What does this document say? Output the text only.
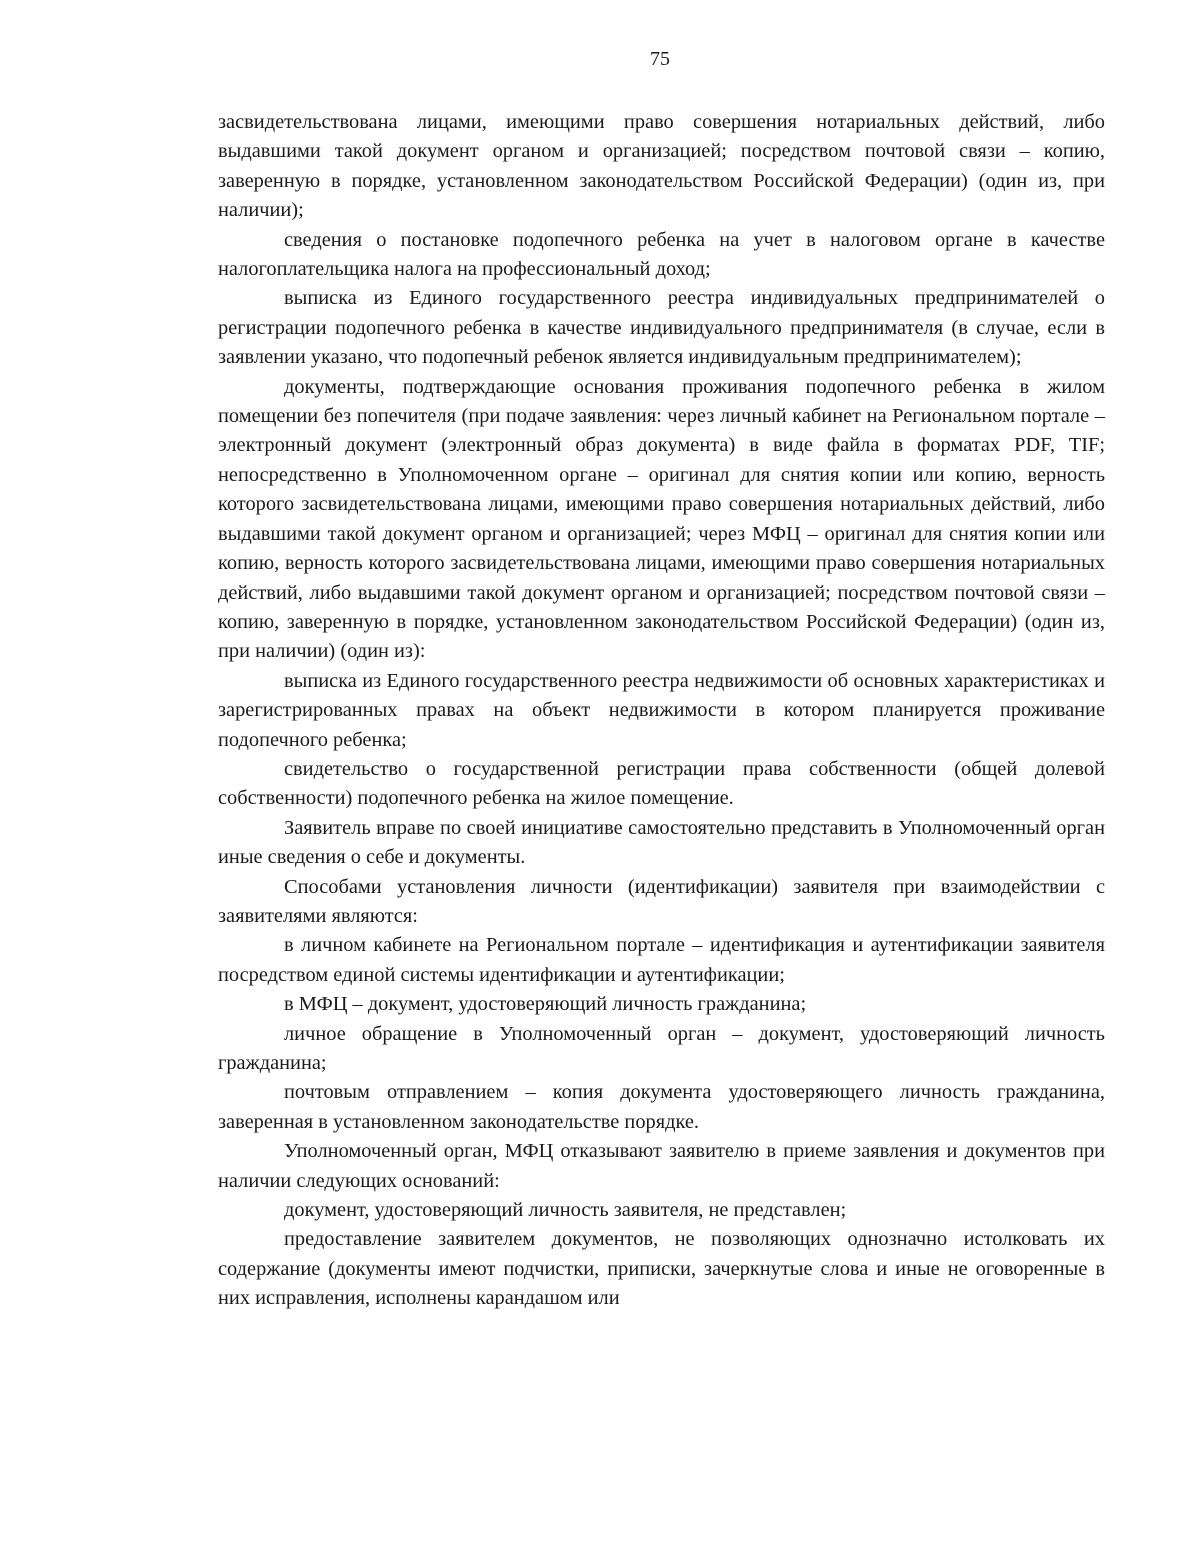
75

засвидетельствована лицами, имеющими право совершения нотариальных действий, либо выдавшими такой документ органом и организацией; посредством почтовой связи – копию, заверенную в порядке, установленном законодательством Российской Федерации) (один из, при наличии);

сведения о постановке подопечного ребенка на учет в налоговом органе в качестве налогоплательщика налога на профессиональный доход;

выписка из Единого государственного реестра индивидуальных предпринимателей о регистрации подопечного ребенка в качестве индивидуального предпринимателя (в случае, если в заявлении указано, что подопечный ребенок является индивидуальным предпринимателем);

документы, подтверждающие основания проживания подопечного ребенка в жилом помещении без попечителя (при подаче заявления: через личный кабинет на Региональном портале – электронный документ (электронный образ документа) в виде файла в форматах PDF, TIF; непосредственно в Уполномоченном органе – оригинал для снятия копии или копию, верность которого засвидетельствована лицами, имеющими право совершения нотариальных действий, либо выдавшими такой документ органом и организацией; через МФЦ – оригинал для снятия копии или копию, верность которого засвидетельствована лицами, имеющими право совершения нотариальных действий, либо выдавшими такой документ органом и организацией; посредством почтовой связи – копию, заверенную в порядке, установленном законодательством Российской Федерации) (один из, при наличии) (один из):

выписка из Единого государственного реестра недвижимости об основных характеристиках и зарегистрированных правах на объект недвижимости в котором планируется проживание подопечного ребенка;

свидетельство о государственной регистрации права собственности (общей долевой собственности) подопечного ребенка на жилое помещение.

Заявитель вправе по своей инициативе самостоятельно представить в Уполномоченный орган иные сведения о себе и документы.

Способами установления личности (идентификации) заявителя при взаимодействии с заявителями являются:

в личном кабинете на Региональном портале – идентификация и аутентификации заявителя посредством единой системы идентификации и аутентификации;

в МФЦ – документ, удостоверяющий личность гражданина;

личное обращение в Уполномоченный орган – документ, удостоверяющий личность гражданина;

почтовым отправлением – копия документа удостоверяющего личность гражданина, заверенная в установленном законодательстве порядке.

Уполномоченный орган, МФЦ отказывают заявителю в приеме заявления и документов при наличии следующих оснований:

документ, удостоверяющий личность заявителя, не представлен;

предоставление заявителем документов, не позволяющих однозначно истолковать их содержание (документы имеют подчистки, приписки, зачеркнутые слова и иные не оговоренные в них исправления, исполнены карандашом или
